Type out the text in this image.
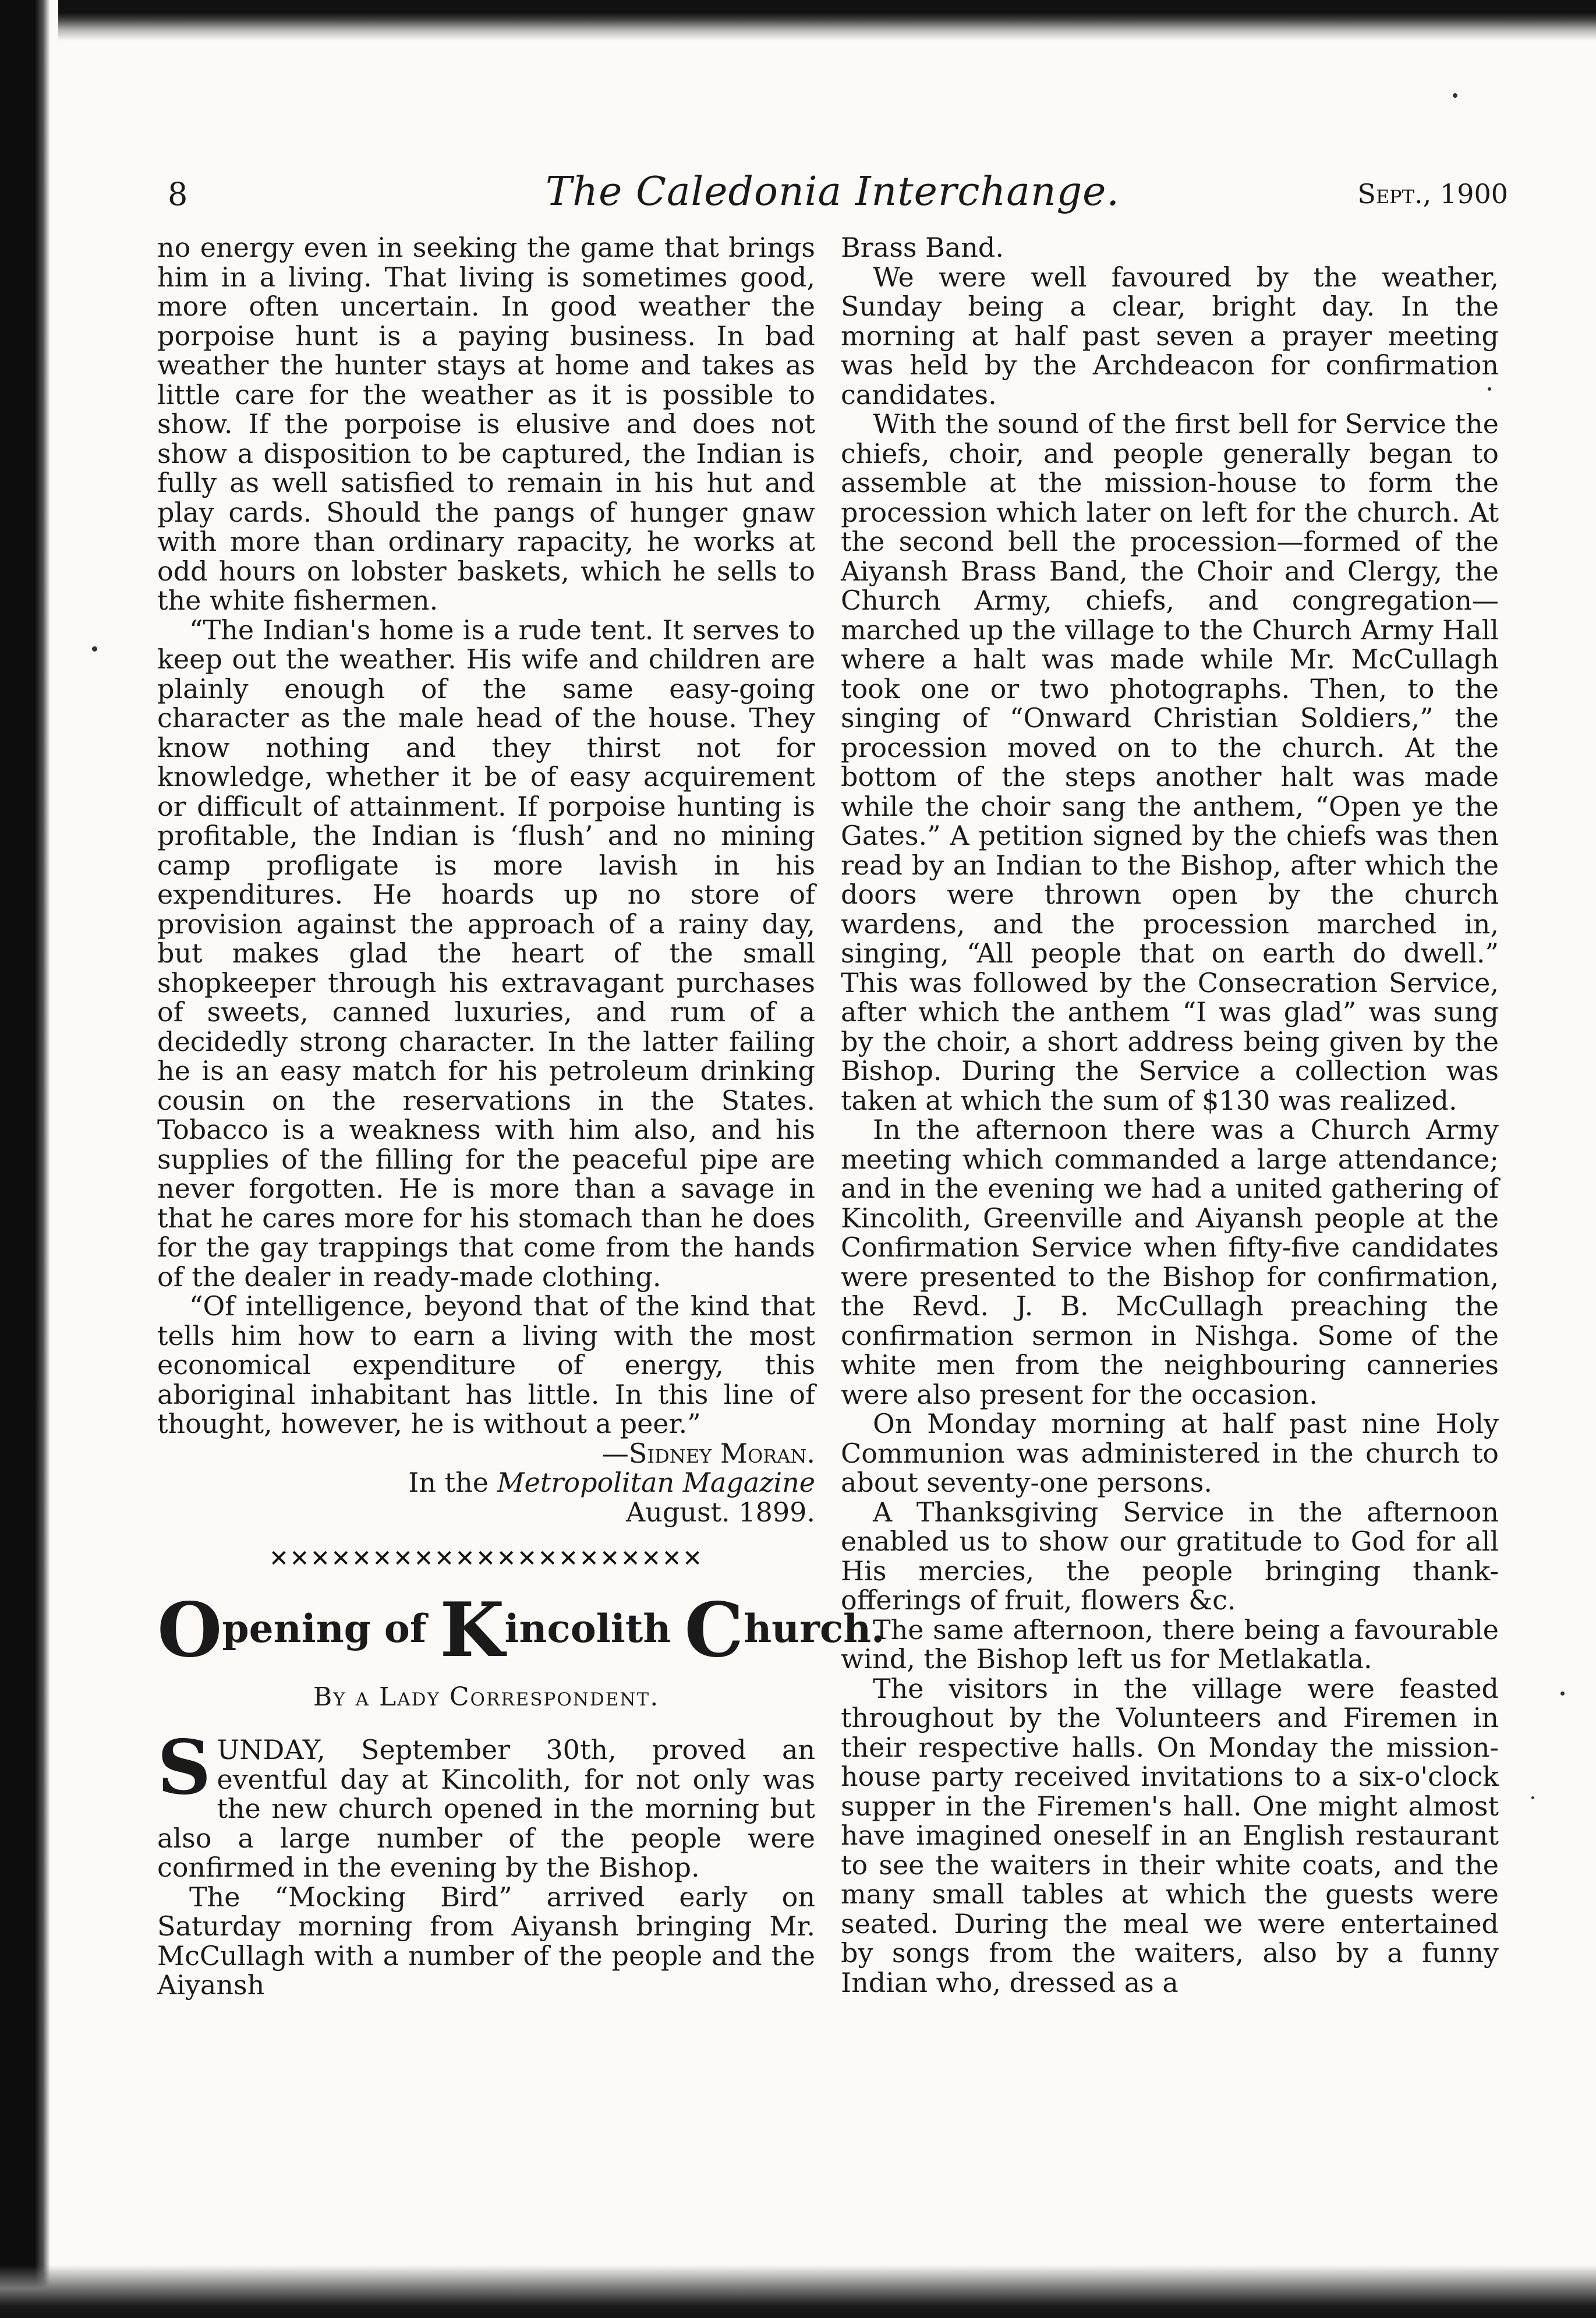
8	The Caledonia Interchange.	Sept., 1900

no energy even in seeking the game that brings him in a living. That living is sometimes good, more often uncertain. In good weather the porpoise hunt is a paying business. In bad weather the hunter stays at home and takes as little care for the weather as it is possible to show. If the porpoise is elusive and does not show a disposition to be captured, the Indian is fully as well satisfied to remain in his hut and play cards. Should the pangs of hunger gnaw with more than ordinary rapacity, he works at odd hours on lobster baskets, which he sells to the white fishermen.

“The Indian's home is a rude tent. It serves to keep out the weather. His wife and children are plainly enough of the same easy-going character as the male head of the house. They know nothing and they thirst not for knowledge, whether it be of easy acquirement or difficult of attainment. If porpoise hunting is profitable, the Indian is ‘flush’ and no mining camp profligate is more lavish in his expenditures. He hoards up no store of provision against the approach of a rainy day, but makes glad the heart of the small shopkeeper through his extravagant purchases of sweets, canned luxuries, and rum of a decidedly strong character. In the latter failing he is an easy match for his petroleum drinking cousin on the reservations in the States. Tobacco is a weakness with him also, and his supplies of the filling for the peaceful pipe are never forgotten. He is more than a savage in that he cares more for his stomach than he does for the gay trappings that come from the hands of the dealer in ready-made clothing.

“Of intelligence, beyond that of the kind that tells him how to earn a living with the most economical expenditure of energy, this aboriginal inhabitant has little. In this line of thought, however, he is without a peer.”

—Sidney Moran.

In the Metropolitan Magazine

August. 1899.

✕✕✕✕✕✕✕✕✕✕✕✕✕✕✕✕✕✕✕✕✕
Opening of Kincolith Church.
By a Lady Correspondent.

SUNDAY, September 30th, proved an eventful day at Kincolith, for not only was the new church opened in the morning but also a large number of the people were confirmed in the evening by the Bishop.

The “Mocking Bird” arrived early on Saturday morning from Aiyansh bringing Mr. McCullagh with a number of the people and the Aiyansh

Brass Band.

We were well favoured by the weather, Sunday being a clear, bright day. In the morning at half past seven a prayer meeting was held by the Archdeacon for confirmation candidates.

With the sound of the first bell for Service the chiefs, choir, and people generally began to assemble at the mission-house to form the procession which later on left for the church. At the second bell the procession—formed of the Aiyansh Brass Band, the Choir and Clergy, the Church Army, chiefs, and congregation—marched up the village to the Church Army Hall where a halt was made while Mr. McCullagh took one or two photographs. Then, to the singing of “Onward Christian Soldiers,” the procession moved on to the church. At the bottom of the steps another halt was made while the choir sang the anthem, “Open ye the Gates.” A petition signed by the chiefs was then read by an Indian to the Bishop, after which the doors were thrown open by the church wardens, and the procession marched in, singing, “All people that on earth do dwell.” This was followed by the Consecration Service, after which the anthem “I was glad” was sung by the choir, a short address being given by the Bishop. During the Service a collection was taken at which the sum of $130 was realized.

In the afternoon there was a Church Army meeting which commanded a large attendance; and in the evening we had a united gathering of Kincolith, Greenville and Aiyansh people at the Confirmation Service when fifty-five candidates were presented to the Bishop for confirmation, the Revd. J. B. McCullagh preaching the confirmation sermon in Nishga. Some of the white men from the neighbouring canneries were also present for the occasion.

On Monday morning at half past nine Holy Communion was administered in the church to about seventy-one persons.

A Thanksgiving Service in the afternoon enabled us to show our gratitude to God for all His mercies, the people bringing thank-offerings of fruit, flowers &c.

The same afternoon, there being a favourable wind, the Bishop left us for Metlakatla.

The visitors in the village were feasted throughout by the Volunteers and Firemen in their respective halls. On Monday the mission-house party received invitations to a six-o'clock supper in the Firemen's hall. One might almost have imagined oneself in an English restaurant to see the waiters in their white coats, and the many small tables at which the guests were seated. During the meal we were entertained by songs from the waiters, also by a funny Indian who, dressed as a
